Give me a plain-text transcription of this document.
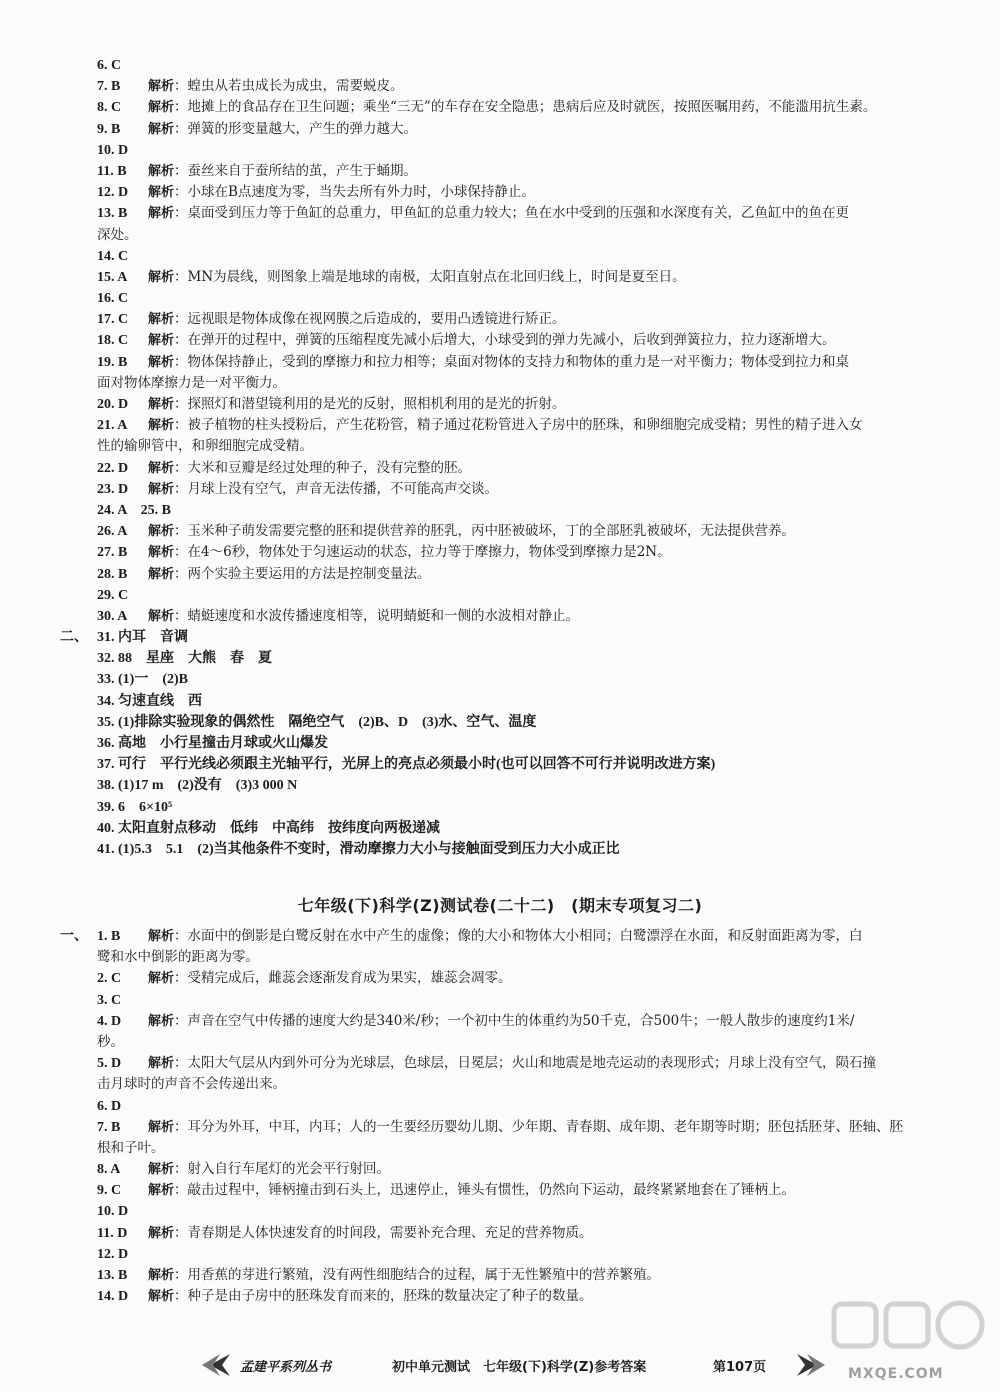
6. C
7. B 解析：蝗虫从若虫成长为成虫，需要蜕皮。
8. C 解析：地摊上的食品存在卫生问题；乘坐“三无”的车存在安全隐患；患病后应及时就医，按照医嘱用药，不能滥用抗生素。
9. B 解析：弹簧的形变量越大，产生的弹力越大。
10. D
11. B 解析：蚕丝来自于蚕所结的茧，产生于蛹期。
12. D 解析：小球在B点速度为零，当失去所有外力时，小球保持静止。
13. B 解析：桌面受到压力等于鱼缸的总重力，甲鱼缸的总重力较大；鱼在水中受到的压强和水深度有关，乙鱼缸中的鱼在更
深处。
14. C
15. A 解析：MN为晨线，则图象上端是地球的南极，太阳直射点在北回归线上，时间是夏至日。
16. C
17. C 解析：远视眼是物体成像在视网膜之后造成的，要用凸透镜进行矫正。
18. C 解析：在弹开的过程中，弹簧的压缩程度先减小后增大，小球受到的弹力先减小，后收到弹簧拉力，拉力逐渐增大。
19. B 解析：物体保持静止，受到的摩擦力和拉力相等；桌面对物体的支持力和物体的重力是一对平衡力；物体受到拉力和桌
面对物体摩擦力是一对平衡力。
20. D 解析：探照灯和潜望镜利用的是光的反射，照相机利用的是光的折射。
21. A 解析：被子植物的柱头授粉后，产生花粉管，精子通过花粉管进入子房中的胚珠，和卵细胞完成受精；男性的精子进入女
性的输卵管中，和卵细胞完成受精。
22. D 解析：大米和豆瓣是经过处理的种子，没有完整的胚。
23. D 解析：月球上没有空气，声音无法传播，不可能高声交谈。
24. A　25. B
26. A 解析：玉米种子萌发需要完整的胚和提供营养的胚乳，丙中胚被破坏，丁的全部胚乳被破坏，无法提供营养。
27. B 解析：在4～6秒，物体处于匀速运动的状态，拉力等于摩擦力，物体受到摩擦力是2N。
28. B 解析：两个实验主要运用的方法是控制变量法。
29. C
30. A 解析：蜻蜓速度和水波传播速度相等，说明蜻蜓和一侧的水波相对静止。
二、 31. 内耳　音调
32. 88　星座　大熊　春　夏
33. (1)一　(2)B
34. 匀速直线　西
35. (1)排除实验现象的偶然性　隔绝空气　(2)B、D　(3)水、空气、温度
36. 高地　小行星撞击月球或火山爆发
37. 可行　平行光线必须跟主光轴平行，光屏上的亮点必须最小时(也可以回答不可行并说明改进方案)
38. (1)17 m　(2)没有　(3)3 000 N
39. 6　6×10⁵
40. 太阳直射点移动　低纬　中高纬　按纬度向两极递减
41. (1)5.3　5.1　(2)当其他条件不变时，滑动摩擦力大小与接触面受到压力大小成正比
七年级(下)科学(Z)测试卷(二十二)　(期末专项复习二)
一、 1. B 解析：水面中的倒影是白鹭反射在水中产生的虚像；像的大小和物体大小相同；白鹭漂浮在水面，和反射面距离为零，白
鹭和水中倒影的距离为零。
2. C 解析：受精完成后，雌蕊会逐渐发育成为果实，雄蕊会凋零。
3. C
4. D 解析：声音在空气中传播的速度大约是340米/秒；一个初中生的体重约为50千克，合500牛；一般人散步的速度约1米/
秒。
5. D 解析：太阳大气层从内到外可分为光球层，色球层，日冕层；火山和地震是地壳运动的表现形式；月球上没有空气，陨石撞
击月球时的声音不会传递出来。
6. D
7. B 解析：耳分为外耳，中耳，内耳；人的一生要经历婴幼儿期、少年期、青春期、成年期、老年期等时期；胚包括胚芽、胚轴、胚
根和子叶。
8. A 解析：射入自行车尾灯的光会平行射回。
9. C 解析：敲击过程中，锤柄撞击到石头上，迅速停止，锤头有惯性，仍然向下运动，最终紧紧地套在了锤柄上。
10. D
11. D 解析：青春期是人体快速发育的时间段，需要补充合理、充足的营养物质。
12. D
13. B 解析：用香蕉的芽进行繁殖，没有两性细胞结合的过程，属于无性繁殖中的营养繁殖。
14. D 解析：种子是由子房中的胚珠发育而来的，胚珠的数量决定了种子的数量。
孟建平系列丛书	初中单元测试　七年级(下)科学(Z)参考答案	第107页	MXQE.COM
